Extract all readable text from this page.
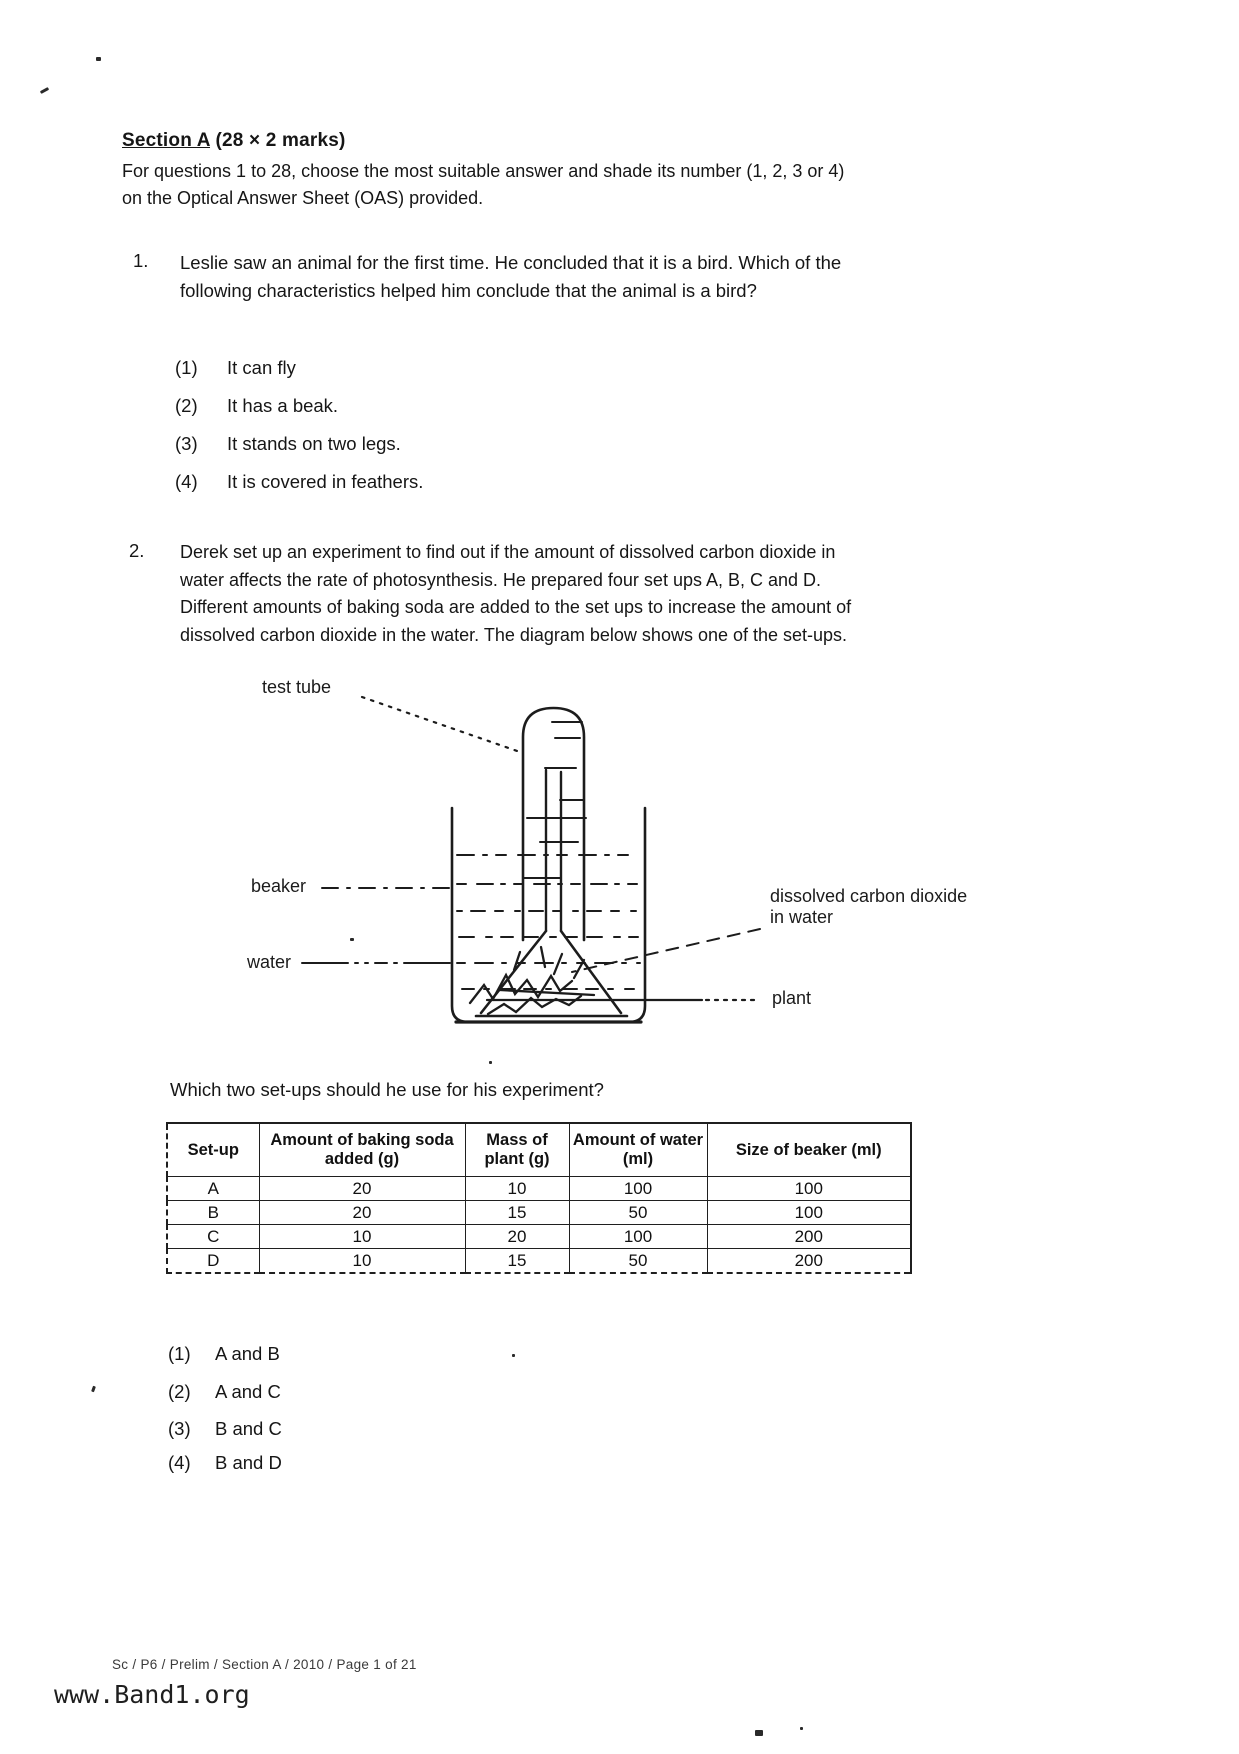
Section A (28 × 2 marks)
For questions 1 to 28, choose the most suitable answer and shade its number (1, 2, 3 or 4)
on the Optical Answer Sheet (OAS) provided.
1. Leslie saw an animal for the first time. He concluded that it is a bird. Which of the
following characteristics helped him conclude that the animal is a bird?
(1) It can fly
(2) It has a beak.
(3) It stands on two legs.
(4) It is covered in feathers.
2. Derek set up an experiment to find out if the amount of dissolved carbon dioxide in
water affects the rate of photosynthesis. He prepared four set ups A, B, C and D.
Different amounts of baking soda are added to the set ups to increase the amount of
dissolved carbon dioxide in the water. The diagram below shows one of the set-ups.
test tube
beaker
water
dissolved carbon dioxide
in water
plant
Which two set-ups should he use for his experiment?
Set-up	Amount of baking soda added (g)	Mass of plant (g)	Amount of water (ml)	Size of beaker (ml)
A	20	10	100	100
B	20	15	50	100
C	10	20	100	200
D	10	15	50	200
(1) A and B
(2) A and C
(3) B and C
(4) B and D
Sc / P6 / Prelim / Section A / 2010 / Page 1 of 21
www.Band1.org
